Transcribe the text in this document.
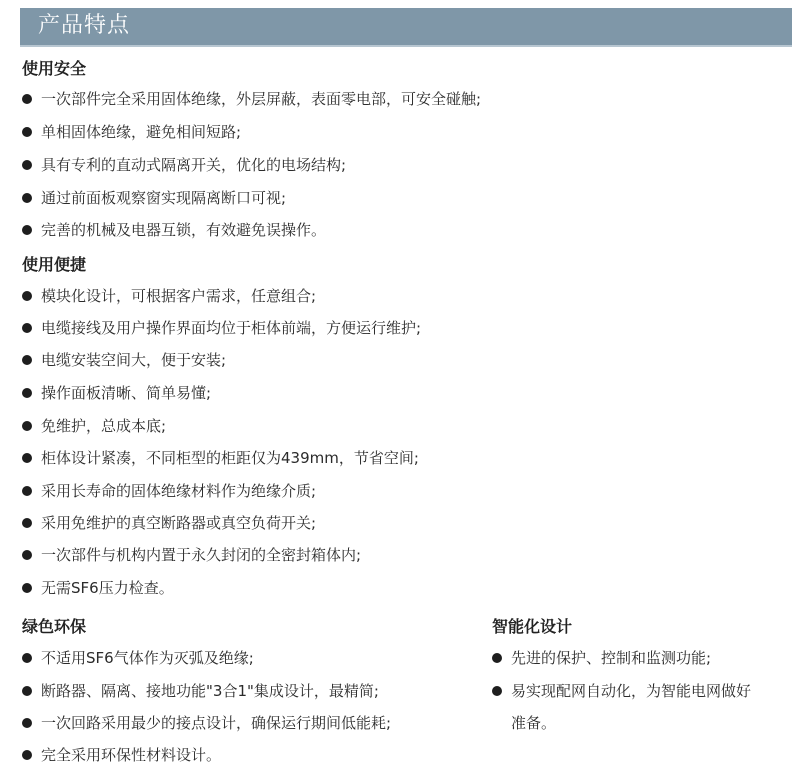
产品特点
使用安全
一次部件完全采用固体绝缘，外层屏蔽，表面零电部，可安全碰触;
单相固体绝缘，避免相间短路;
具有专利的直动式隔离开关，优化的电场结构;
通过前面板观察窗实现隔离断口可视;
完善的机械及电器互锁，有效避免误操作。
使用便捷
模块化设计，可根据客户需求，任意组合;
电缆接线及用户操作界面均位于柜体前端，方便运行维护;
电缆安装空间大，便于安装;
操作面板清晰、简单易懂;
免维护，总成本底;
柜体设计紧凑，不同柜型的柜距仅为439mm，节省空间;
采用长寿命的固体绝缘材料作为绝缘介质;
采用免维护的真空断路器或真空负荷开关;
一次部件与机构内置于永久封闭的全密封箱体内;
无需SF6压力检查。
绿色环保
不适用SF6气体作为灭弧及绝缘;
断路器、隔离、接地功能"3合1"集成设计，最精简;
一次回路采用最少的接点设计，确保运行期间低能耗;
完全采用环保性材料设计。
智能化设计
先进的保护、控制和监测功能;
易实现配网自动化，为智能电网做好
准备。
